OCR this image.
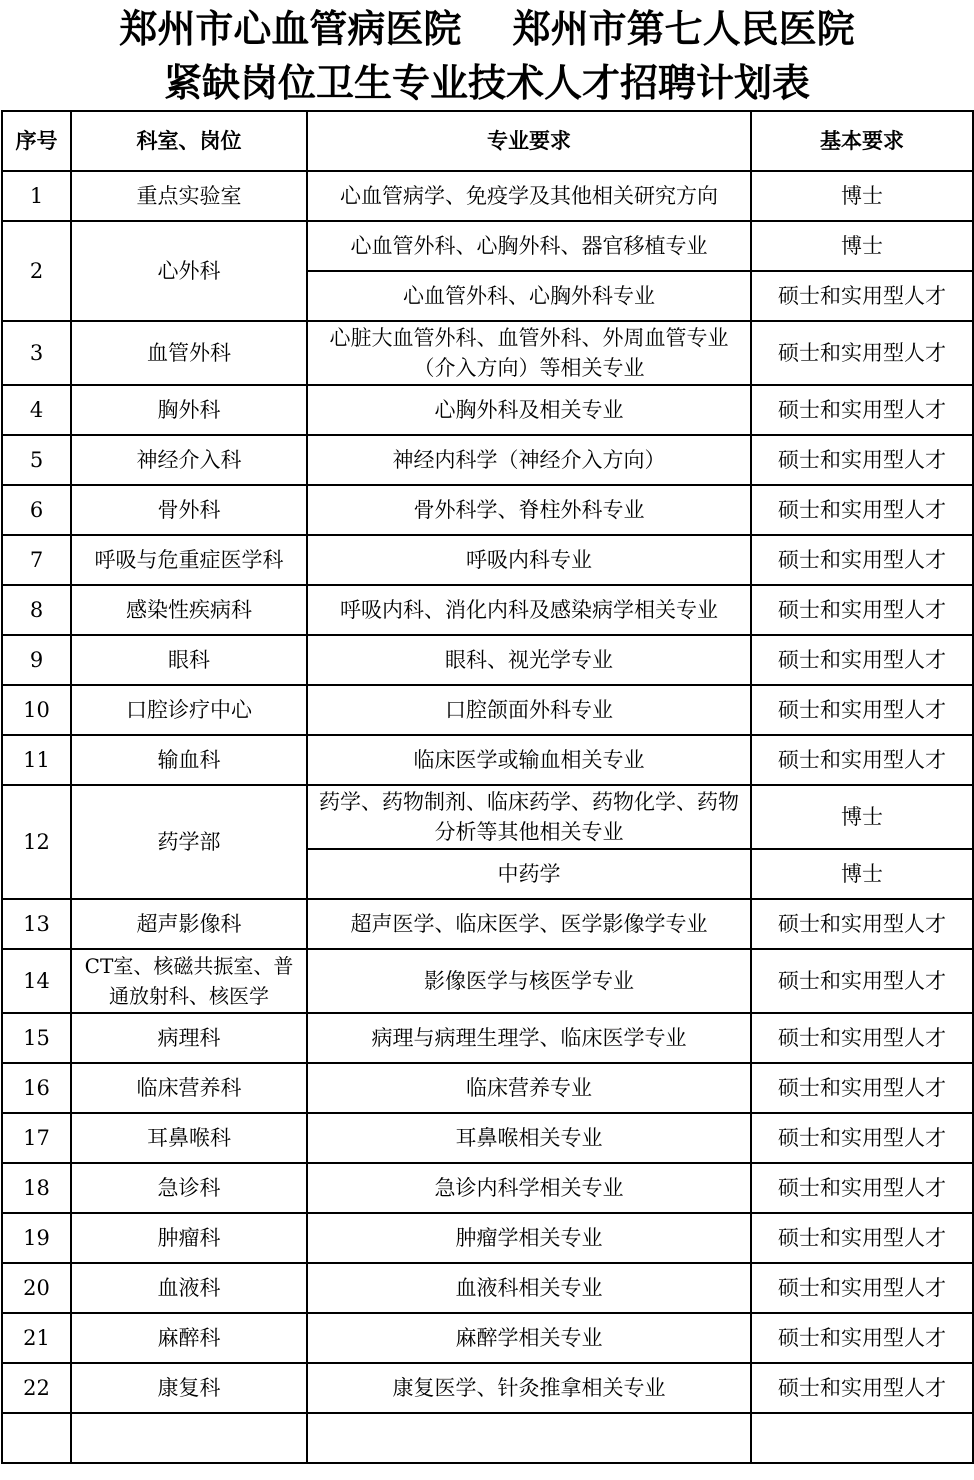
郑州市心血管病医院　 郑州市第七人民医院
紧缺岗位卫生专业技术人才招聘计划表
序号	科室、岗位	专业要求	基本要求
1	重点实验室	心血管病学、免疫学及其他相关研究方向	博士
2	心外科	心血管外科、心胸外科、器官移植专业	博士
		心血管外科、心胸外科专业	硕士和实用型人才
3	血管外科	心脏大血管外科、血管外科、外周血管专业（介入方向）等相关专业	硕士和实用型人才
4	胸外科	心胸外科及相关专业	硕士和实用型人才
5	神经介入科	神经内科学（神经介入方向）	硕士和实用型人才
6	骨外科	骨外科学、脊柱外科专业	硕士和实用型人才
7	呼吸与危重症医学科	呼吸内科专业	硕士和实用型人才
8	感染性疾病科	呼吸内科、消化内科及感染病学相关专业	硕士和实用型人才
9	眼科	眼科、视光学专业	硕士和实用型人才
10	口腔诊疗中心	口腔颌面外科专业	硕士和实用型人才
11	输血科	临床医学或输血相关专业	硕士和实用型人才
12	药学部	药学、药物制剂、临床药学、药物化学、药物分析等其他相关专业	博士
		中药学	博士
13	超声影像科	超声医学、临床医学、医学影像学专业	硕士和实用型人才
14	CT室、核磁共振室、普通放射科、核医学	影像医学与核医学专业	硕士和实用型人才
15	病理科	病理与病理生理学、临床医学专业	硕士和实用型人才
16	临床营养科	临床营养专业	硕士和实用型人才
17	耳鼻喉科	耳鼻喉相关专业	硕士和实用型人才
18	急诊科	急诊内科学相关专业	硕士和实用型人才
19	肿瘤科	肿瘤学相关专业	硕士和实用型人才
20	血液科	血液科相关专业	硕士和实用型人才
21	麻醉科	麻醉学相关专业	硕士和实用型人才
22	康复科	康复医学、针灸推拿相关专业	硕士和实用型人才
